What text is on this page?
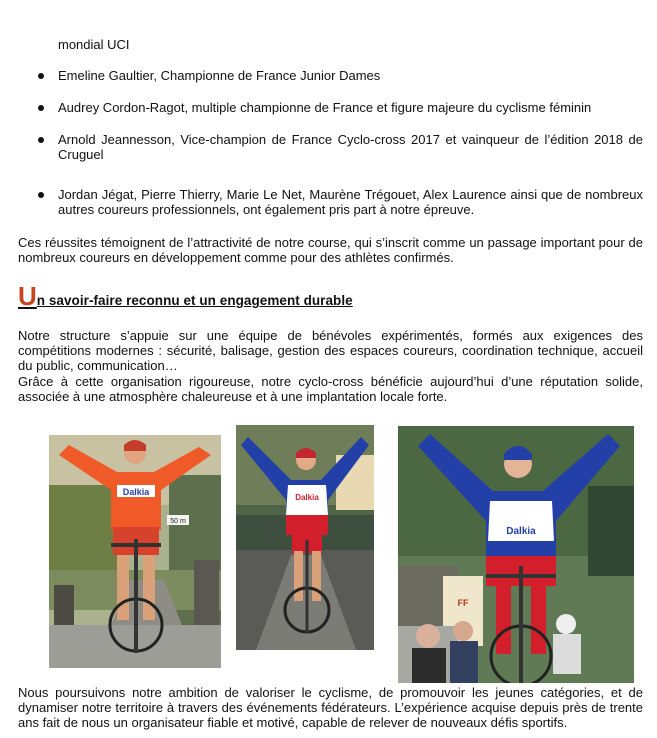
mondial UCI
Emeline Gaultier, Championne de France Junior Dames
Audrey Cordon-Ragot, multiple championne de France et figure majeure du cyclisme féminin
Arnold Jeannesson, Vice-champion de France Cyclo-cross 2017 et vainqueur de l’édition 2018 de Cruguel
Jordan Jégat, Pierre Thierry, Marie Le Net, Maurène Trégouet, Alex Laurence ainsi que de nombreux autres coureurs professionnels, ont également pris part à notre épreuve.
Ces réussites témoignent de l’attractivité de notre course, qui s’inscrit comme un passage important pour de nombreux coureurs en développement comme pour des athlètes confirmés.
Un savoir-faire reconnu et un engagement durable
Notre structure s’appuie sur une équipe de bénévoles expérimentés, formés aux exigences des compétitions modernes : sécurité, balisage, gestion des espaces coureurs, coordination technique, accueil du public, communication…
Grâce à cette organisation rigoureuse, notre cyclo-cross bénéficie aujourd’hui d’une réputation solide, associée à une atmosphère chaleureuse et à une implantation locale forte.
Dalkia
50 m
Dalkia
FF
Dalkia
Nous poursuivons notre ambition de valoriser le cyclisme, de promouvoir les jeunes catégories, et de dynamiser notre territoire à travers des événements fédérateurs. L’expérience acquise depuis près de trente ans fait de nous un organisateur fiable et motivé, capable de relever de nouveaux défis sportifs.
